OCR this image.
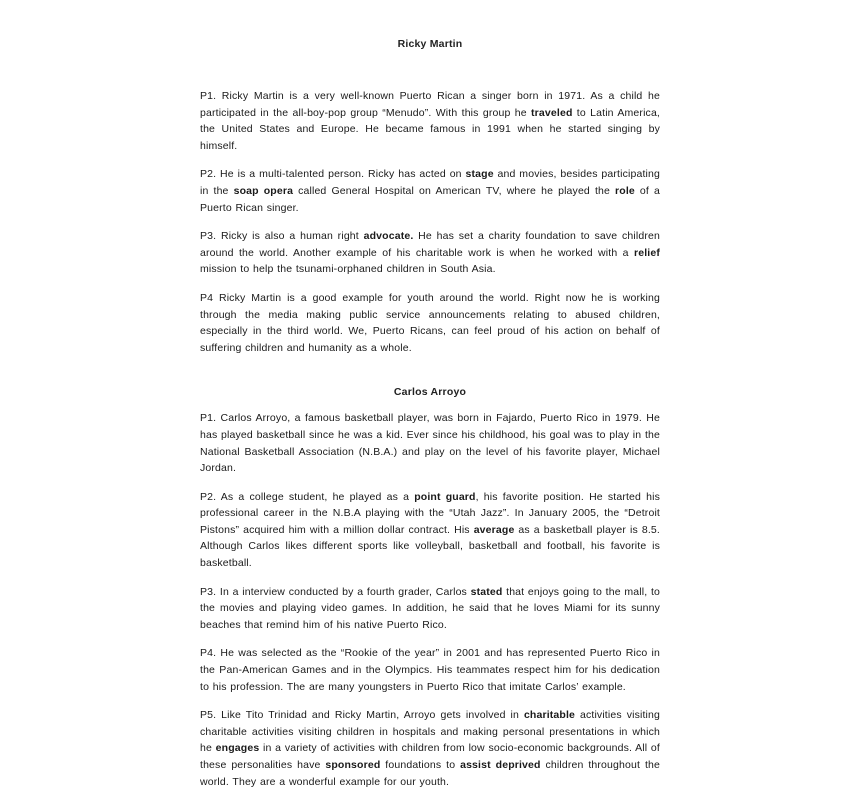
Ricky Martin

P1. Ricky Martin is a very well-known Puerto Rican a singer born in 1971. As a child he participated in the all-boy-pop group “Menudo”. With this group he traveled to Latin America, the United States and Europe. He became famous in 1991 when he started singing by himself.

P2. He is a multi-talented person. Ricky has acted on stage and movies, besides participating in the soap opera called General Hospital on American TV, where he played the role of a Puerto Rican singer.

P3. Ricky is also a human right advocate. He has set a charity foundation to save children around the world. Another example of his charitable work is when he worked with a relief mission to help the tsunami-orphaned children in South Asia.

P4 Ricky Martin is a good example for youth around the world. Right now he is working through the media making public service announcements relating to abused children, especially in the third world. We, Puerto Ricans, can feel proud of his action on behalf of suffering children and humanity as a whole.

Carlos Arroyo

P1. Carlos Arroyo, a famous basketball player, was born in Fajardo, Puerto Rico in 1979. He has played basketball since he was a kid. Ever since his childhood, his goal was to play in the National Basketball Association (N.B.A.) and play on the level of his favorite player, Michael Jordan.

P2. As a college student, he played as a point guard, his favorite position. He started his professional career in the N.B.A playing with the “Utah Jazz”. In January 2005, the “Detroit Pistons” acquired him with a million dollar contract. His average as a basketball player is 8.5. Although Carlos likes different sports like volleyball, basketball and football, his favorite is basketball.

P3. In a interview conducted by a fourth grader, Carlos stated that enjoys going to the mall, to the movies and playing video games. In addition, he said that he loves Miami for its sunny beaches that remind him of his native Puerto Rico.

P4. He was selected as the “Rookie of the year” in 2001 and has represented Puerto Rico in the Pan-American Games and in the Olympics. His teammates respect him for his dedication to his profession. The are many youngsters in Puerto Rico that imitate Carlos’ example.

P5. Like Tito Trinidad and Ricky Martin, Arroyo gets involved in charitable activities visiting charitable activities visiting children in hospitals and making personal presentations in which he engages in a variety of activities with children from low socio-economic backgrounds. All of these personalities have sponsored foundations to assist deprived children throughout the world. They are a wonderful example for our youth.
